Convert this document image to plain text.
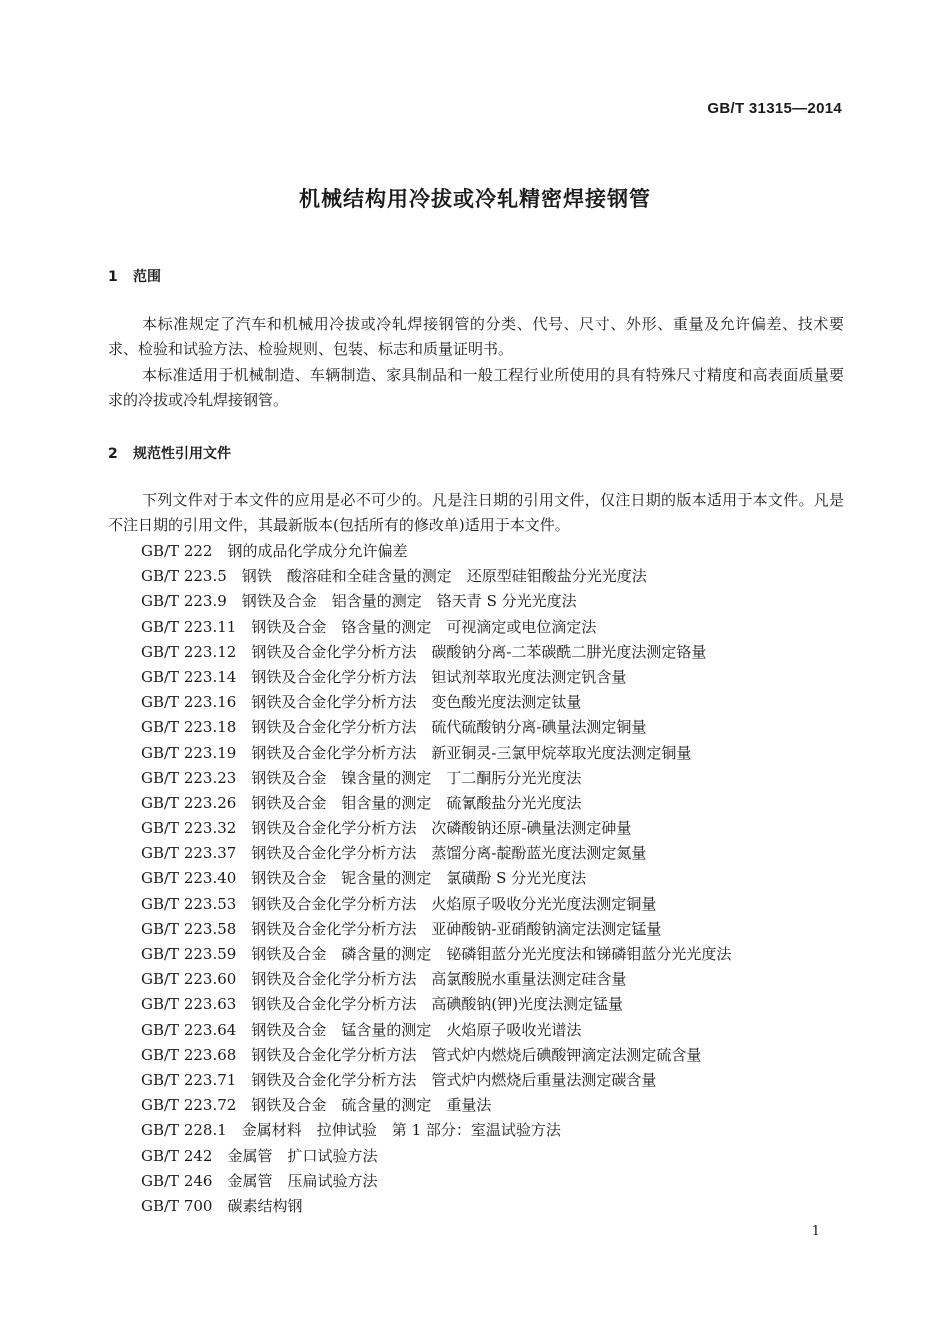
GB/T 31315—2014
机械结构用冷拔或冷轧精密焊接钢管
1 范围
本标准规定了汽车和机械用冷拔或冷轧焊接钢管的分类、代号、尺寸、外形、重量及允许偏差、技术要求、检验和试验方法、检验规则、包装、标志和质量证明书。
本标准适用于机械制造、车辆制造、家具制品和一般工程行业所使用的具有特殊尺寸精度和高表面质量要求的冷拔或冷轧焊接钢管。
2 规范性引用文件
下列文件对于本文件的应用是必不可少的。凡是注日期的引用文件，仅注日期的版本适用于本文件。凡是不注日期的引用文件，其最新版本(包括所有的修改单)适用于本文件。
GB/T 222　 钢的成品化学成分允许偏差
GB/T 223.5　 钢铁　酸溶硅和全硅含量的测定　还原型硅钼酸盐分光光度法
GB/T 223.9　 钢铁及合金　铝含量的测定　铬天青 S 分光光度法
GB/T 223.11　 钢铁及合金　铬含量的测定　可视滴定或电位滴定法
GB/T 223.12　 钢铁及合金化学分析方法　碳酸钠分离-二苯碳酰二肼光度法测定铬量
GB/T 223.14　 钢铁及合金化学分析方法　钽试剂萃取光度法测定钒含量
GB/T 223.16　 钢铁及合金化学分析方法　变色酸光度法测定钛量
GB/T 223.18　 钢铁及合金化学分析方法　硫代硫酸钠分离-碘量法测定铜量
GB/T 223.19　 钢铁及合金化学分析方法　新亚铜灵-三氯甲烷萃取光度法测定铜量
GB/T 223.23　 钢铁及合金　镍含量的测定　丁二酮肟分光光度法
GB/T 223.26　 钢铁及合金　钼含量的测定　硫氰酸盐分光光度法
GB/T 223.32　 钢铁及合金化学分析方法　次磷酸钠还原-碘量法测定砷量
GB/T 223.37　 钢铁及合金化学分析方法　蒸馏分离-靛酚蓝光度法测定氮量
GB/T 223.40　 钢铁及合金　铌含量的测定　氯磺酚 S 分光光度法
GB/T 223.53　 钢铁及合金化学分析方法　火焰原子吸收分光光度法测定铜量
GB/T 223.58　 钢铁及合金化学分析方法　亚砷酸钠-亚硝酸钠滴定法测定锰量
GB/T 223.59　 钢铁及合金　磷含量的测定　铋磷钼蓝分光光度法和锑磷钼蓝分光光度法
GB/T 223.60　 钢铁及合金化学分析方法　高氯酸脱水重量法测定硅含量
GB/T 223.63　 钢铁及合金化学分析方法　高碘酸钠(钾)光度法测定锰量
GB/T 223.64　 钢铁及合金　锰含量的测定　火焰原子吸收光谱法
GB/T 223.68　 钢铁及合金化学分析方法　管式炉内燃烧后碘酸钾滴定法测定硫含量
GB/T 223.71　 钢铁及合金化学分析方法　管式炉内燃烧后重量法测定碳含量
GB/T 223.72　 钢铁及合金　硫含量的测定　重量法
GB/T 228.1　 金属材料　拉伸试验　第 1 部分：室温试验方法
GB/T 242　 金属管　扩口试验方法
GB/T 246　 金属管　压扁试验方法
GB/T 700　 碳素结构钢
1
